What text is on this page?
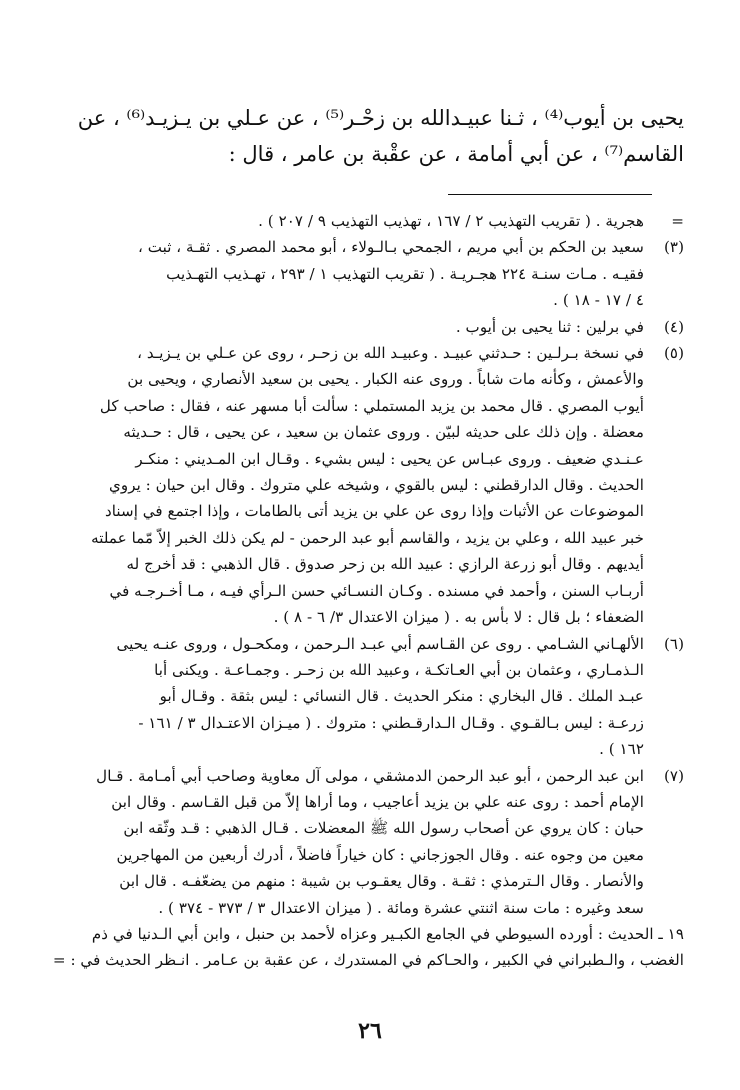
يحيى بن أيوب⁽⁴⁾ ، ثـنا عبيـدالله بن زحْـر⁽⁵⁾ ، عن عـلي بن يـزيـد⁽⁶⁾ ، عن
القاسم⁽⁷⁾ ، عن أبي أمامة ، عن عقْبة بن عامر ، قال :
=
هجرية . ( تقريب التهذيب ٢ / ١٦٧ ، تهذيب التهذيب ٩ / ٢٠٧ ) .
(٣)
سعيد بن الحكم بن أبي مريم ، الجمحي بـالـولاء ، أبو محمد المصري . ثقـة ، ثبت ،
فقيـه . مـات سنـة ٢٢٤ هجـريـة . ( تقريب التهذيب ١ / ٢٩٣ ، تهـذيب التهـذيب
٤ / ١٧ - ١٨ ) .
(٤)
في برلين : ثنا يحيى بن أيوب .
(٥)
في نسخة بـرلـين : حـدثني عبيـد . وعبيـد الله بن زحـر ، روى عن عـلي بن يـزيـد ،
والأعمش ، وكأنه مات شاباً . وروى عنه الكبار . يحيى بن سعيد الأنصاري ، ويحيى بن
أيوب المصري . قال محمد بن يزيد المستملي : سألت أبا مسهر عنه ، فقال : صاحب كل
معضلة . وإن ذلك على حديثه لبيّن . وروى عثمان بن سعيد ، عن يحيى ، قال : حـديثه
عـنـدي ضعيف . وروى عبـاس عن يحيى : ليس بشيء . وقـال ابن المـديني : منكـر
الحديث . وقال الدارقطني : ليس بالقوي ، وشيخه علي متروك . وقال ابن حيان : يروي
الموضوعات عن الأثبات وإذا روى عن علي بن يزيد أتى بالطامات ، وإذا اجتمع في إسناد
خبر عبيد الله ، وعلي بن يزيد ، والقاسم أبو عبد الرحمن - لم يكن ذلك الخبر إلاّ مّما عملته
أيديهم . وقال أبو زرعة الرازي : عبيد الله بن زحر صدوق . قال الذهبي : قد أخرج له
أربـاب السنن ، وأحمد في مسنده . وكـان النسـائي حسن الـرأي فيـه ، مـا أخـرجـه في
الضعفاء ؛ بل قال : لا بأس به . ( ميزان الاعتدال ٣/ ٦ - ٨ ) .
(٦)
الألهـاني الشـامي . روى عن القـاسم أبي عبـد الـرحمن ، ومكحـول ، وروى عنـه يحيى
الـذمـاري ، وعثمان بن أبي العـاتكـة ، وعبيد الله بن زحـر . وجمـاعـة . ويكنى أبا
عبـد الملك . قال البخاري : منكر الحديث . قال النسائي : ليس بثقة . وقـال أبو
زرعـة : ليس بـالقـوي . وقـال الـدارقـطني : متروك . ( ميـزان الاعتـدال ٣ / ١٦١ -
١٦٢ ) .
(٧)
ابن عبد الرحمن ، أبو عبد الرحمن الدمشقي ، مولى آل معاوية وصاحب أبي أمـامة . قـال
الإمام أحمد : روى عنه علي بن يزيد أعاجيب ، وما أراها إلاّ من قبل القـاسم . وقال ابن
حبان : كان يروي عن أصحاب رسول الله ﷺ المعضلات . قـال الذهبي : قـد وثّقه ابن
معين من وجوه عنه . وقال الجوزجاني : كان خياراً فاضلاً ، أدرك أربعين من المهاجرين
والأنصار . وقال الـترمذي : ثقـة . وقال يعقـوب بن شيبة : منهم من يضعّفـه . قال ابن
سعد وغيره : مات سنة اثنتي عشرة ومائة . ( ميزان الاعتدال ٣ / ٣٧٣ - ٣٧٤ ) .
١٩ ـ الحديث : أورده السيوطي في الجامع الكبـير وعزاه لأحمد بن حنبل ، وابن أبي الـدنيا في ذم
الغضب ، والـطبراني في الكبير ، والحـاكم في المستدرك ، عن عقبة بن عـامر . انـظر الحديث في : =
٢٦
